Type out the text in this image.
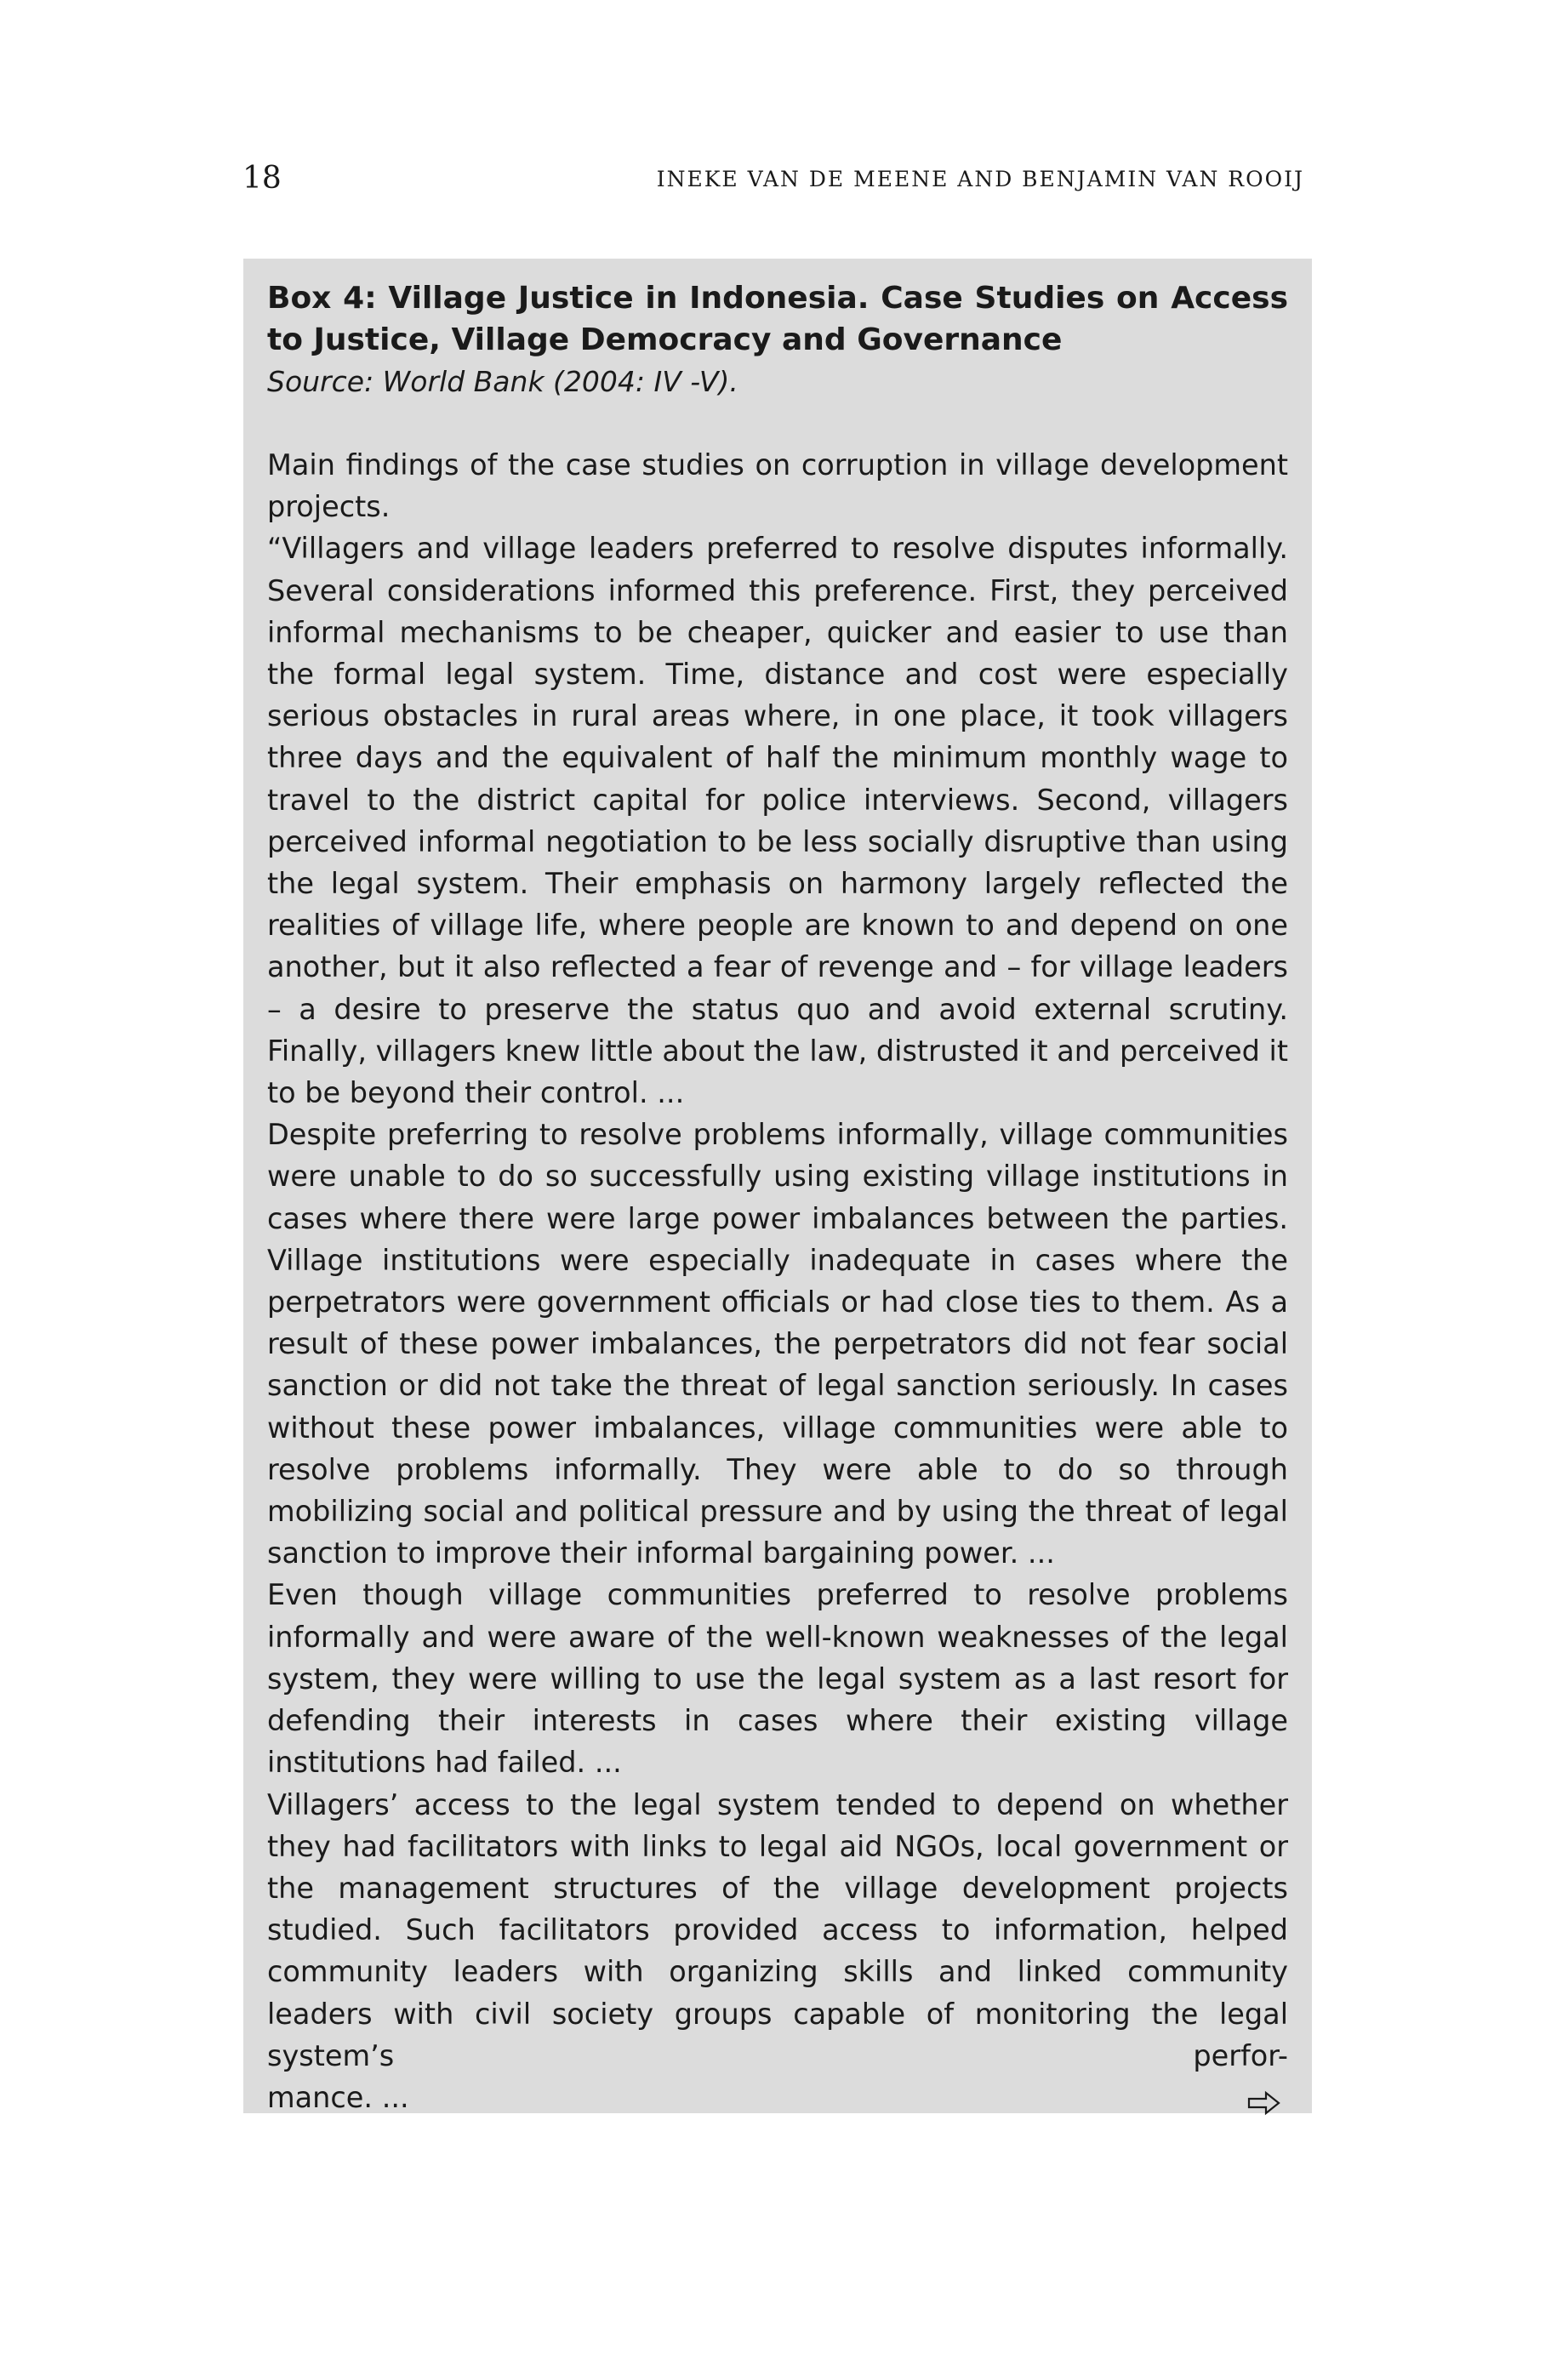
18	INEKE VAN DE MEENE AND BENJAMIN VAN ROOIJ

Box 4: Village Justice in Indonesia. Case Studies on Access to Justice, Village Democracy and Governance

Source: World Bank (2004: IV -V).

Main findings of the case studies on corruption in village development projects.

“Villagers and village leaders preferred to resolve disputes informally. Several considerations informed this preference. First, they perceived informal mechanisms to be cheaper, quicker and easier to use than the formal legal system. Time, distance and cost were especially serious obstacles in rural areas where, in one place, it took villagers three days and the equivalent of half the minimum monthly wage to travel to the district capital for police interviews. Second, villagers perceived informal negotiation to be less socially disruptive than using the legal system. Their emphasis on harmony largely reflected the realities of village life, where people are known to and depend on one another, but it also reflected a fear of revenge and – for village leaders – a desire to preserve the status quo and avoid external scrutiny. Finally, villagers knew little about the law, distrusted it and perceived it to be beyond their control. ...

Despite preferring to resolve problems informally, village communities were unable to do so successfully using existing village institutions in cases where there were large power imbalances between the parties. Village institutions were especially inadequate in cases where the perpetrators were government officials or had close ties to them. As a result of these power imbalances, the perpetrators did not fear social sanction or did not take the threat of legal sanction seriously. In cases without these power imbalances, village communities were able to resolve problems informally. They were able to do so through mobilizing social and political pressure and by using the threat of legal sanction to improve their informal bargaining power. ...

Even though village communities preferred to resolve problems informally and were aware of the well-known weaknesses of the legal system, they were willing to use the legal system as a last resort for defending their interests in cases where their existing village institutions had failed. ...

Villagers’ access to the legal system tended to depend on whether they had facilitators with links to legal aid NGOs, local government or the management structures of the village development projects studied. Such facilitators provided access to information, helped community leaders with organizing skills and linked community leaders with civil society groups capable of monitoring the legal system’s perfor-

mance. ...
